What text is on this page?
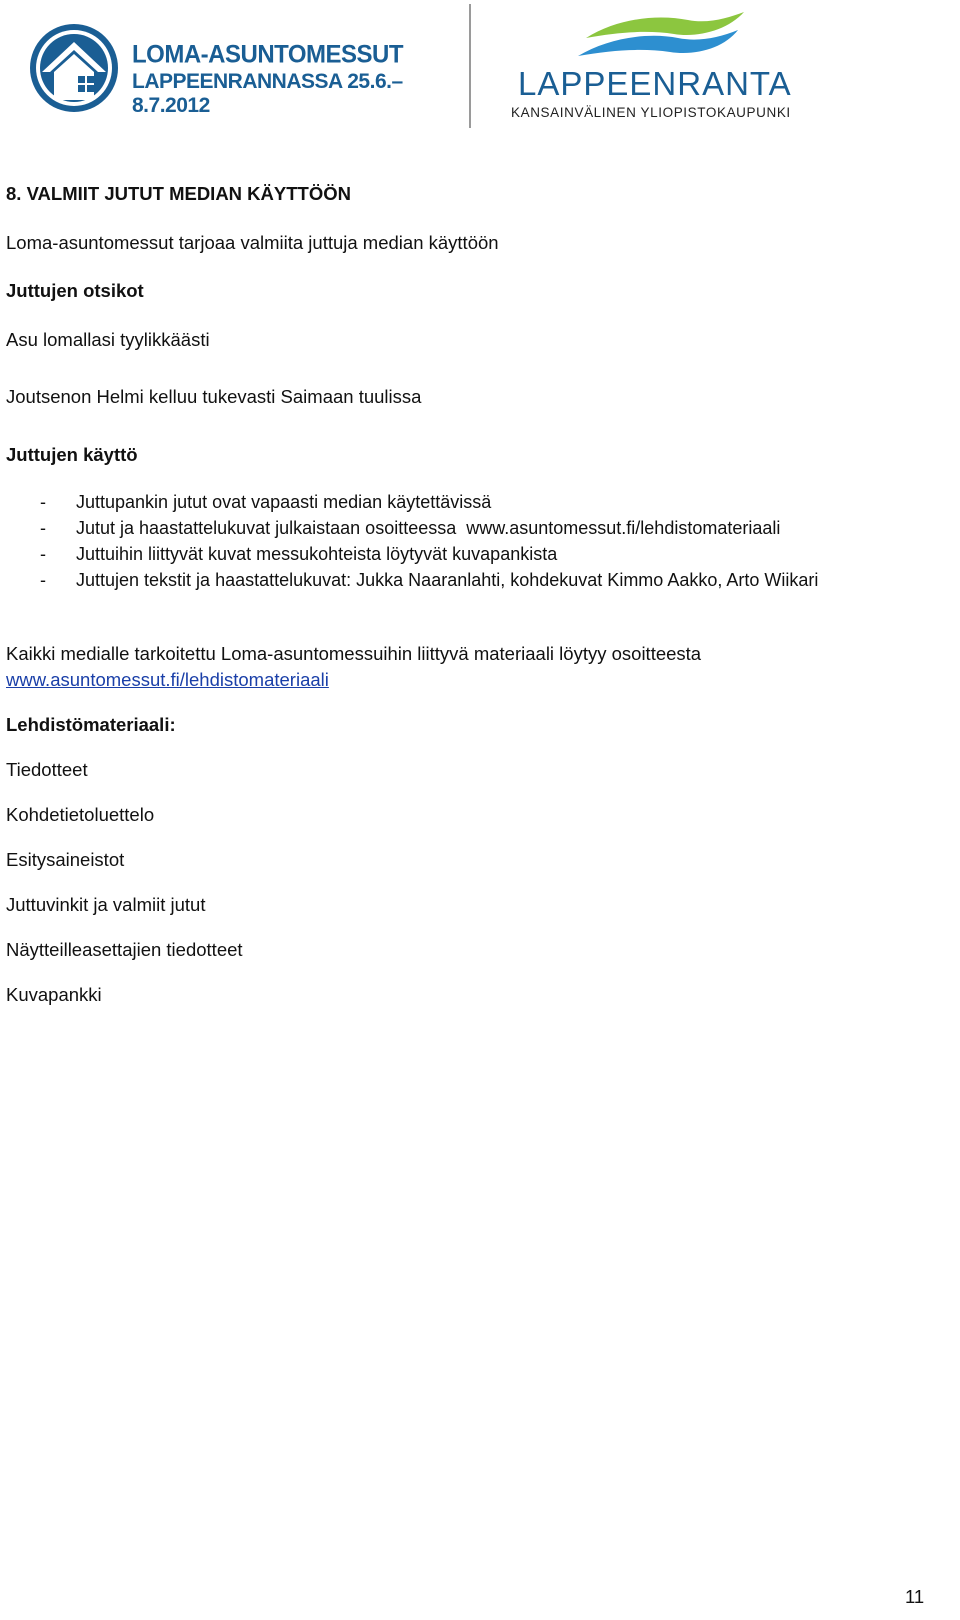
LOMA-ASUNTOMESSUT
LAPPEENRANNASSA 25.6.–8.7.2012
LAPPEENRANTA
KANSAINVÄLINEN YLIOPISTOKAUPUNKI
8. VALMIIT JUTUT MEDIAN KÄYTTÖÖN
Loma-asuntomessut tarjoaa valmiita juttuja median käyttöön
Juttujen otsikot
Asu lomallasi tyylikkäästi
Joutsenon Helmi kelluu tukevasti Saimaan tuulissa
Juttujen käyttö
- Juttupankin jutut ovat vapaasti median käytettävissä
- Jutut ja haastattelukuvat julkaistaan osoitteessa  www.asuntomessut.fi/lehdistomateriaali
- Juttuihin liittyvät kuvat messukohteista löytyvät kuvapankista
- Juttujen tekstit ja haastattelukuvat: Jukka Naaranlahti, kohdekuvat Kimmo Aakko, Arto Wiikari
Kaikki medialle tarkoitettu Loma-asuntomessuihin liittyvä materiaali löytyy osoitteesta
www.asuntomessut.fi/lehdistomateriaali
Lehdistömateriaali:
Tiedotteet
Kohdetietoluettelo
Esitysaineistot
Juttuvinkit ja valmiit jutut
Näytteilleasettajien tiedotteet
Kuvapankki
11
